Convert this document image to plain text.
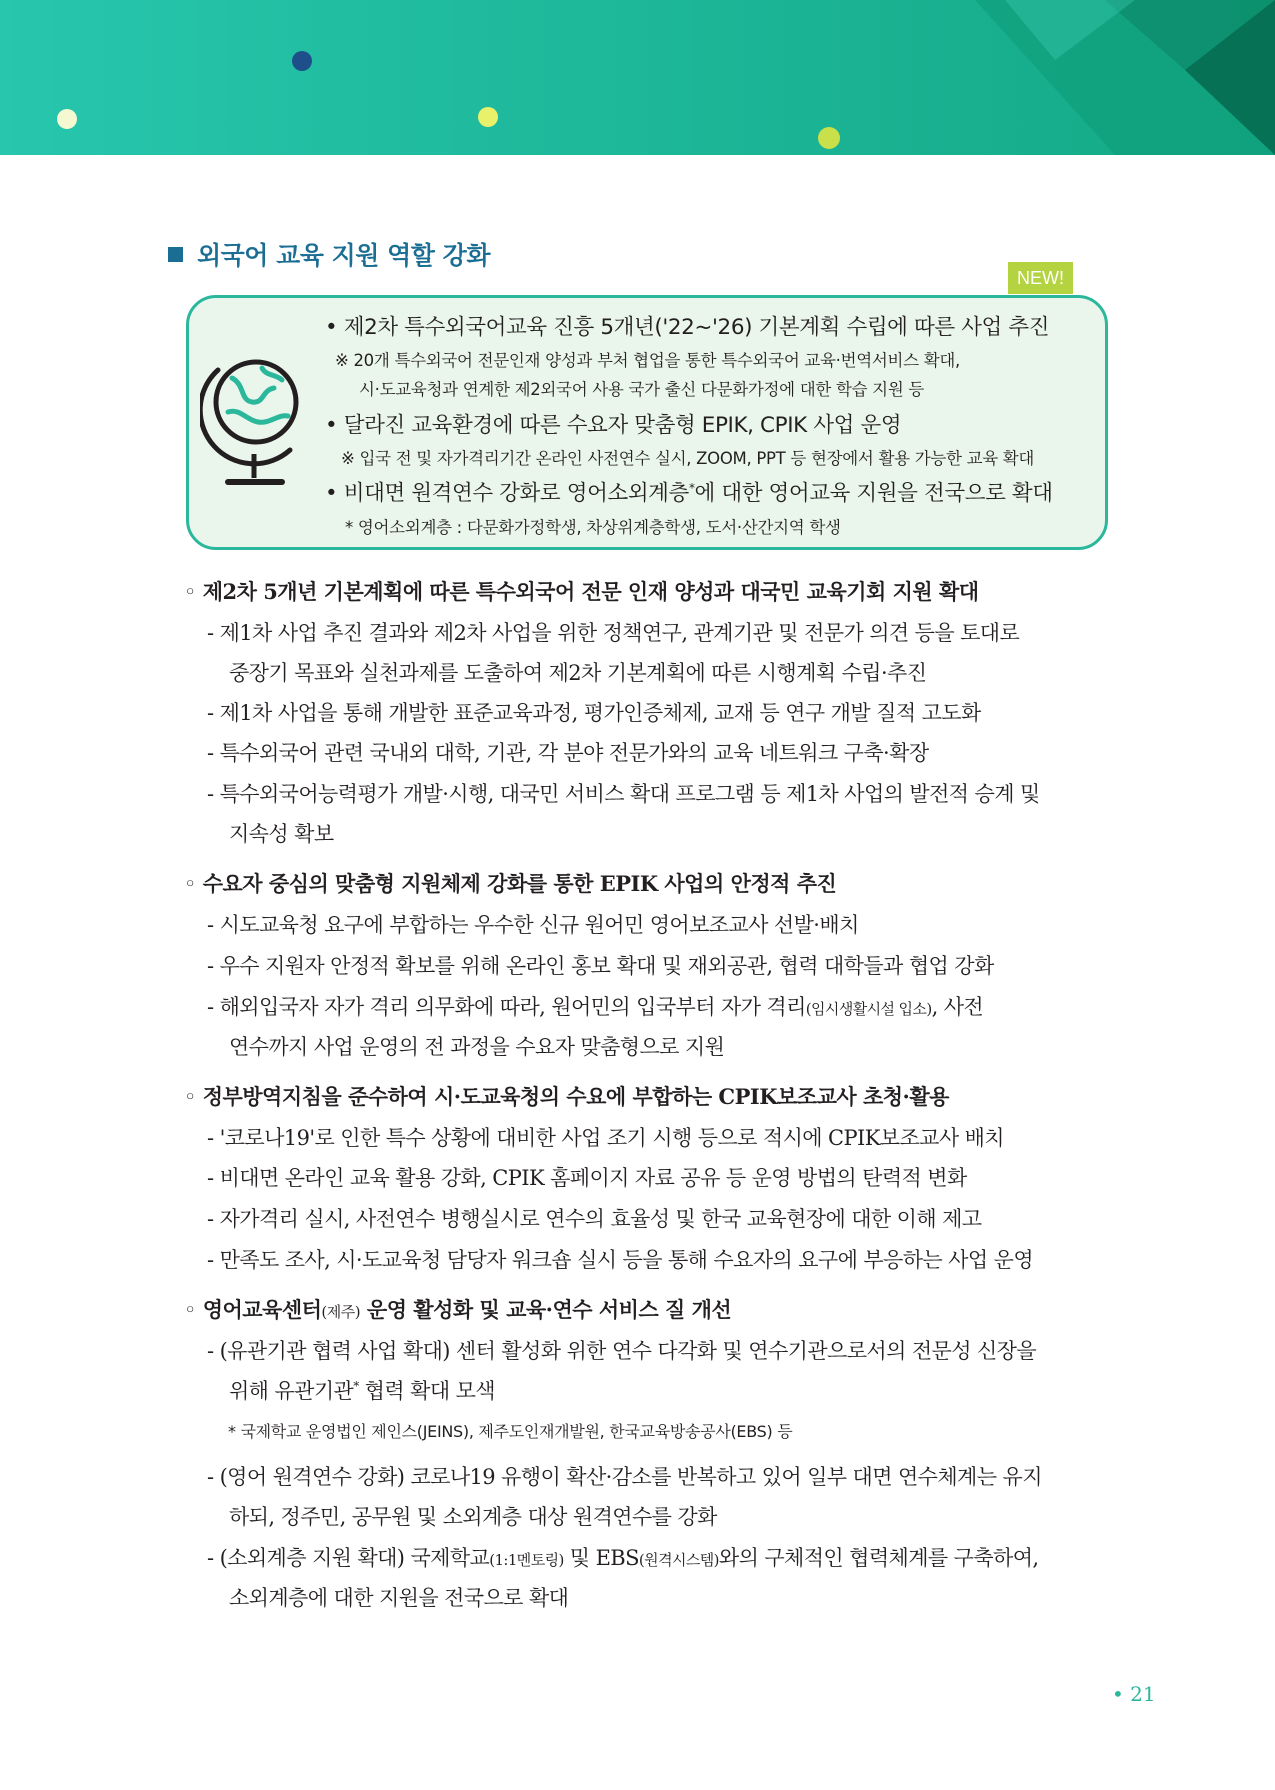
외국어 교육 지원 역할 강화
NEW!
• 제2차 특수외국어교육 진흥 5개년('22~'26) 기본계획 수립에 따른 사업 추진
※ 20개 특수외국어 전문인재 양성과 부처 협업을 통한 특수외국어 교육·번역서비스 확대,
시·도교육청과 연계한 제2외국어 사용 국가 출신 다문화가정에 대한 학습 지원 등
• 달라진 교육환경에 따른 수요자 맞춤형 EPIK, CPIK 사업 운영
※ 입국 전 및 자가격리기간 온라인 사전연수 실시, ZOOM, PPT 등 현장에서 활용 가능한 교육 확대
• 비대면 원격연수 강화로 영어소외계층*에 대한 영어교육 지원을 전국으로 확대
* 영어소외계층 : 다문화가정학생, 차상위계층학생, 도서·산간지역 학생
◦ 제2차 5개년 기본계획에 따른 특수외국어 전문 인재 양성과 대국민 교육기회 지원 확대
- 제1차 사업 추진 결과와 제2차 사업을 위한 정책연구, 관계기관 및 전문가 의견 등을 토대로
중장기 목표와 실천과제를 도출하여 제2차 기본계획에 따른 시행계획 수립·추진
- 제1차 사업을 통해 개발한 표준교육과정, 평가인증체제, 교재 등 연구 개발 질적 고도화
- 특수외국어 관련 국내외 대학, 기관, 각 분야 전문가와의 교육 네트워크 구축·확장
- 특수외국어능력평가 개발·시행, 대국민 서비스 확대 프로그램 등 제1차 사업의 발전적 승계 및
지속성 확보
◦ 수요자 중심의 맞춤형 지원체제 강화를 통한 EPIK 사업의 안정적 추진
- 시도교육청 요구에 부합하는 우수한 신규 원어민 영어보조교사 선발·배치
- 우수 지원자 안정적 확보를 위해 온라인 홍보 확대 및 재외공관, 협력 대학들과 협업 강화
- 해외입국자 자가 격리 의무화에 따라, 원어민의 입국부터 자가 격리(임시생활시설 입소), 사전
연수까지 사업 운영의 전 과정을 수요자 맞춤형으로 지원
◦ 정부방역지침을 준수하여 시·도교육청의 수요에 부합하는 CPIK보조교사 초청·활용
- '코로나19'로 인한 특수 상황에 대비한 사업 조기 시행 등으로 적시에 CPIK보조교사 배치
- 비대면 온라인 교육 활용 강화, CPIK 홈페이지 자료 공유 등 운영 방법의 탄력적 변화
- 자가격리 실시, 사전연수 병행실시로 연수의 효율성 및 한국 교육현장에 대한 이해 제고
- 만족도 조사, 시·도교육청 담당자 워크숍 실시 등을 통해 수요자의 요구에 부응하는 사업 운영
◦ 영어교육센터(제주) 운영 활성화 및 교육·연수 서비스 질 개선
- (유관기관 협력 사업 확대) 센터 활성화 위한 연수 다각화 및 연수기관으로서의 전문성 신장을
위해 유관기관* 협력 확대 모색
* 국제학교 운영법인 제인스(JEINS), 제주도인재개발원, 한국교육방송공사(EBS) 등
- (영어 원격연수 강화) 코로나19 유행이 확산·감소를 반복하고 있어 일부 대면 연수체계는 유지
하되, 정주민, 공무원 및 소외계층 대상 원격연수를 강화
- (소외계층 지원 확대) 국제학교(1:1멘토링) 및 EBS(원격시스템)와의 구체적인 협력체계를 구축하여,
소외계층에 대한 지원을 전국으로 확대
• 21
